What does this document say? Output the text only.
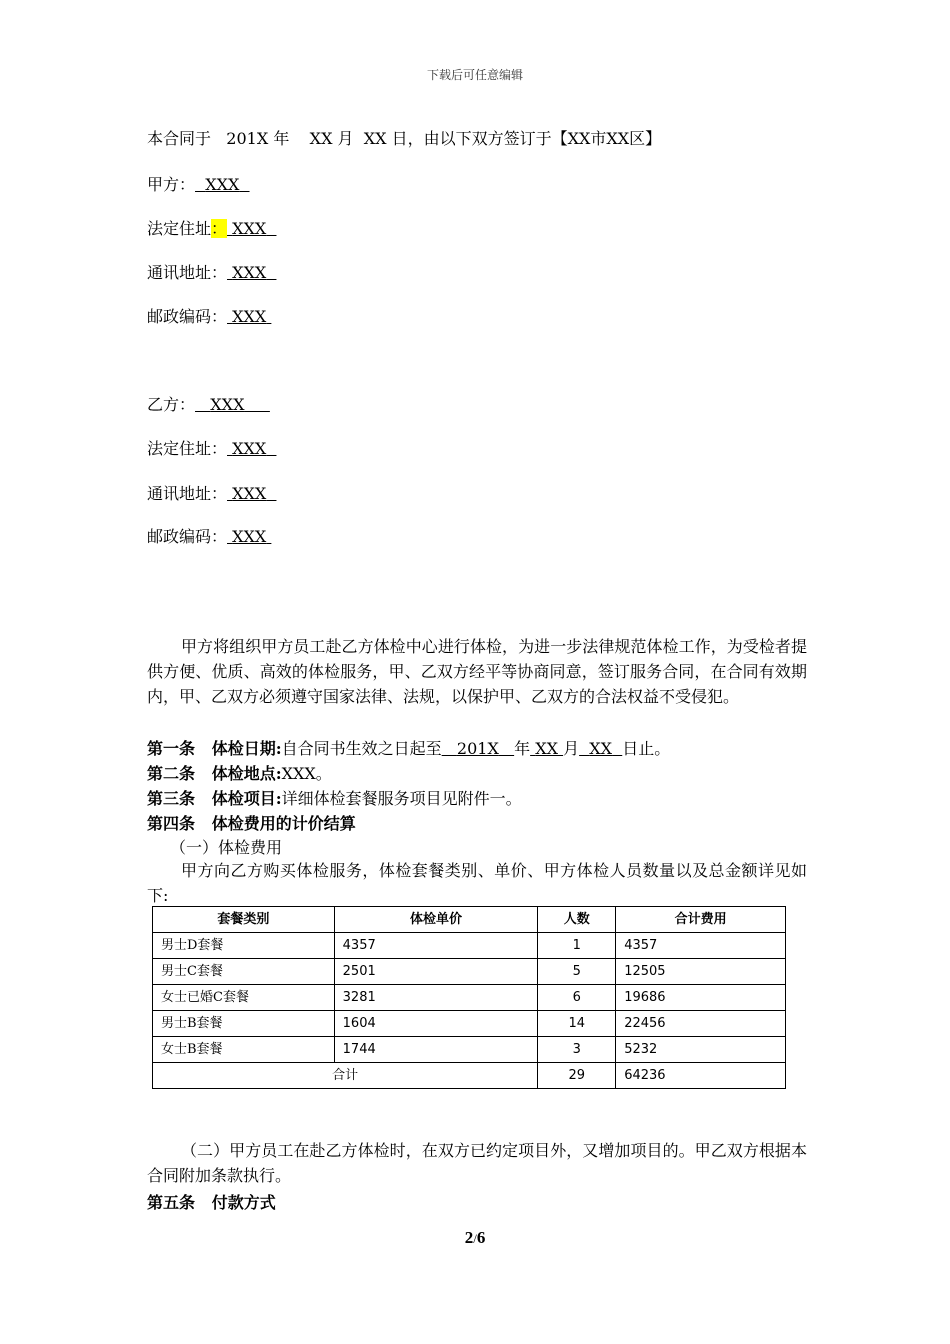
下载后可任意编辑
本合同于 201X 年 XX 月 XX 日，由以下双方签订于【XX市XX区】
甲方： XXX
法定住址： XXX
通讯地址： XXX
邮政编码： XXX
乙方： XXX
法定住址： XXX
通讯地址： XXX
邮政编码： XXX
甲方将组织甲方员工赴乙方体检中心进行体检，为进一步法律规范体检工作，为受检者提供方便、优质、高效的体检服务，甲、乙双方经平等协商同意，签订服务合同，在合同有效期内，甲、乙双方必须遵守国家法律、法规，以保护甲、乙双方的合法权益不受侵犯。
第一条   体检日期:自合同书生效之日起至 201X 年 XX 月 XX 日止。
第二条   体检地点:XXX。
第三条   体检项目:详细体检套餐服务项目见附件一。
第四条   体检费用的计价结算
（一）体检费用
甲方向乙方购买体检服务，体检套餐类别、单价、甲方体检人员数量以及总金额详见如下:
套餐类别	体检单价	人数	合计费用
男士D套餐	4357	1	4357
男士C套餐	2501	5	12505
女士已婚C套餐	3281	6	19686
男士B套餐	1604	14	22456
女士B套餐	1744	3	5232
合计		29	64236
（二）甲方员工在赴乙方体检时，在双方已约定项目外，又增加项目的。甲乙双方根据本合同附加条款执行。
第五条   付款方式
2/6
